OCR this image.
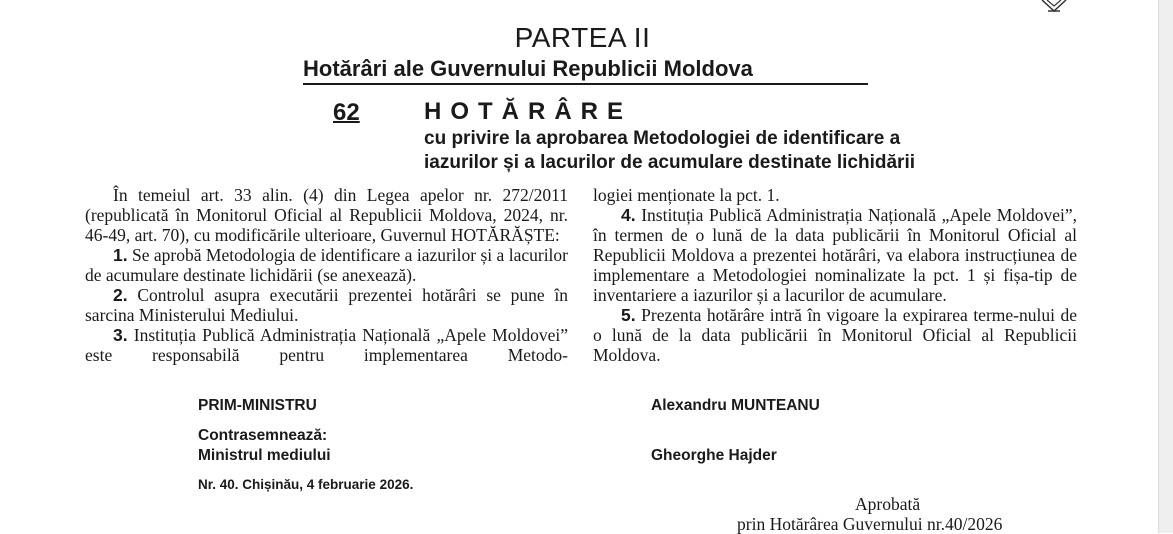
PARTEA II
Hotărâri ale Guvernului Republicii Moldova
62	HOTĂRÂRE
cu privire la aprobarea Metodologiei de identificare a
iazurilor și a lacurilor de acumulare destinate lichidării

În temeiul art. 33 alin. (4) din Legea apelor nr. 272/2011 (republicată în Monitorul Oficial al Republicii Moldova, 2024, nr. 46-49, art. 70), cu modificările ulterioare, Guvernul HOTĂRĂȘTE:

1. Se aprobă Metodologia de identificare a iazurilor și a lacurilor de acumulare destinate lichidării (se anexează).

2. Controlul asupra executării prezentei hotărâri se pune în sarcina Ministerului Mediului.

3. Instituția Publică Administrația Națională „Apele Moldovei” este responsabilă pentru implementarea Metodo-

logiei menționate la pct. 1.

4. Instituția Publică Administrația Națională „Apele Moldovei”, în termen de o lună de la data publicării în Monitorul Oficial al Republicii Moldova a prezentei hotărâri, va elabora instrucțiunea de implementare a Metodologiei nominalizate la pct. 1 și fișa-tip de inventariere a iazurilor și a lacurilor de acumulare.

5. Prezenta hotărâre intră în vigoare la expirarea terme-nului de o lună de la data publicării în Monitorul Oficial al Republicii Moldova.

PRIM-MINISTRU	Alexandru MUNTEANU
Contrasemnează:
Ministrul mediului	Gheorghe Hajder
Nr. 40. Chișinău, 4 februarie 2026.
Aprobată
prin Hotărârea Guvernului nr.40/2026
